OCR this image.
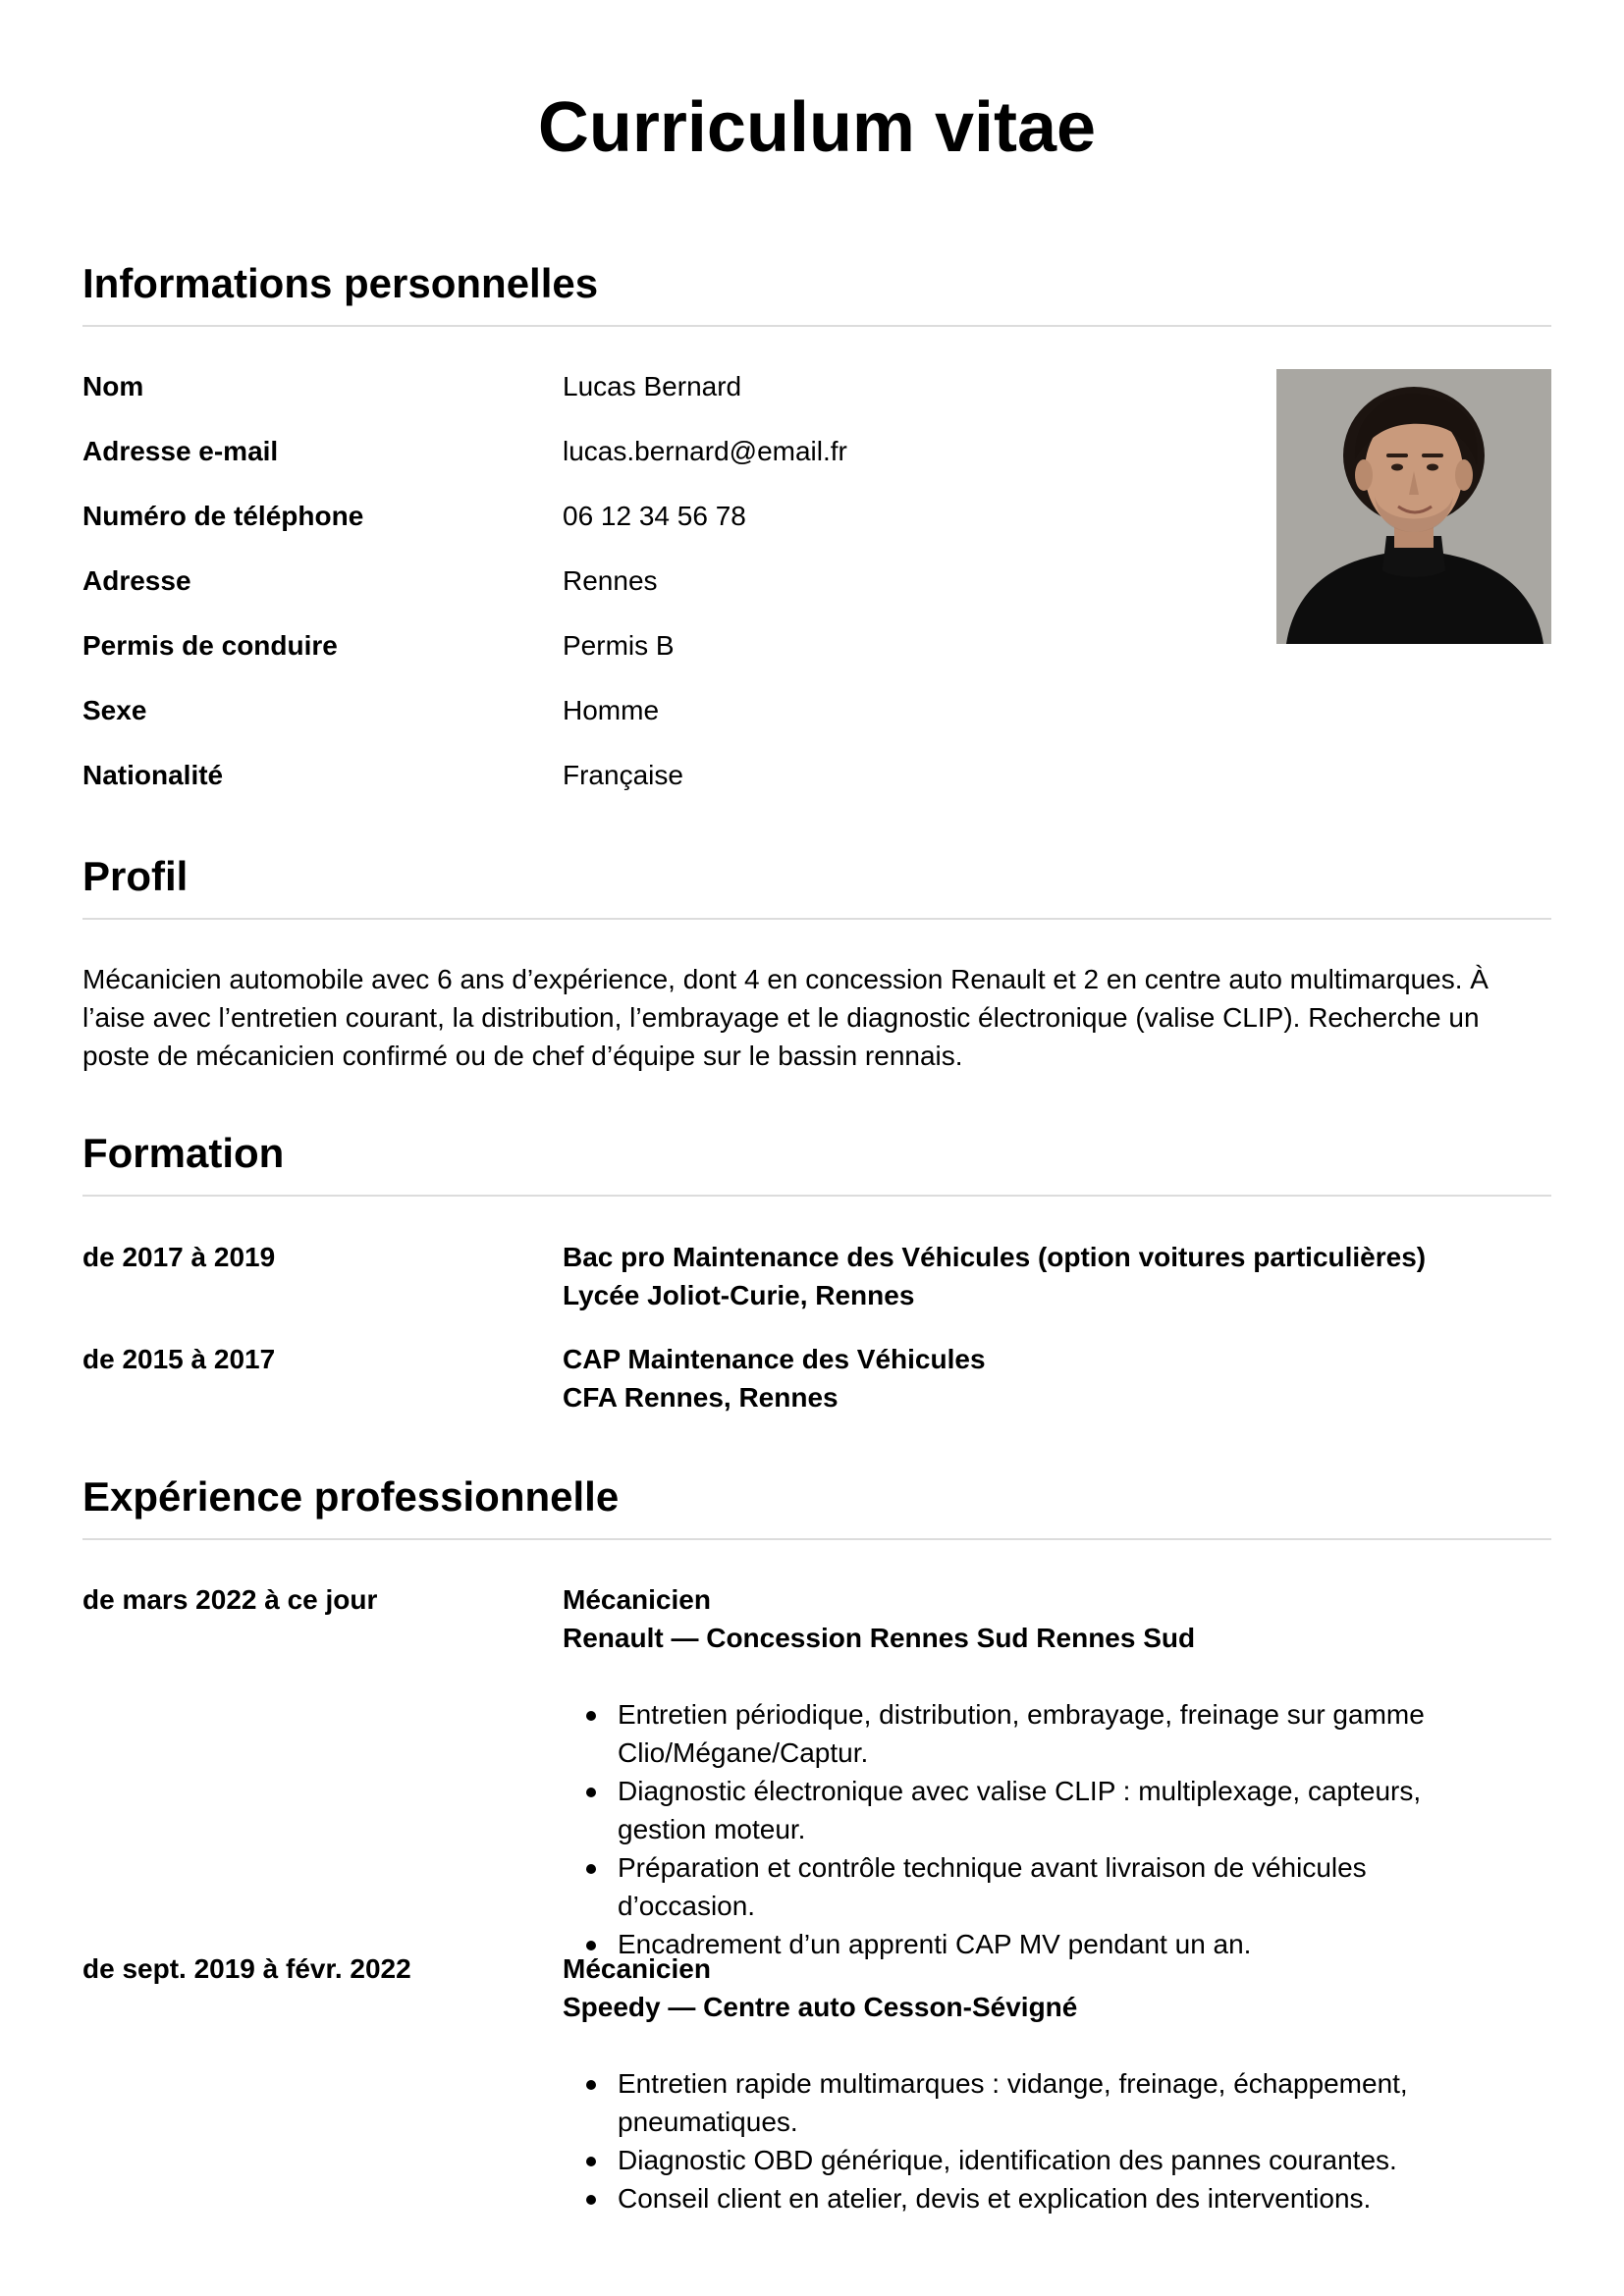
Curriculum vitae
Informations personnelles
Nom	Lucas Bernard
Adresse e-mail	lucas.bernard@email.fr
Numéro de téléphone	06 12 34 56 78
Adresse	Rennes
Permis de conduire	Permis B
Sexe	Homme
Nationalité	Française
Profil

Mécanicien automobile avec 6 ans d’expérience, dont 4 en concession Renault et 2 en centre auto multimarques. À l’aise avec l’entretien courant, la distribution, l’embrayage et le diagnostic électronique (valise CLIP). Recherche un poste de mécanicien confirmé ou de chef d’équipe sur le bassin rennais.

Formation
de 2017 à 2019	Bac pro Maintenance des Véhicules (option voitures particulières)
Lycée Joliot-Curie, Rennes
de 2015 à 2017	CAP Maintenance des Véhicules
CFA Rennes, Rennes
Expérience professionnelle
de mars 2022 à ce jour	Mécanicien
Renault — Concession Rennes Sud Rennes Sud
Entretien périodique, distribution, embrayage, freinage sur gamme Clio/Mégane/Captur.
Diagnostic électronique avec valise CLIP : multiplexage, capteurs, gestion moteur.
Préparation et contrôle technique avant livraison de véhicules d’occasion.
Encadrement d’un apprenti CAP MV pendant un an.
de sept. 2019 à févr. 2022	Mécanicien
Speedy — Centre auto Cesson-Sévigné
Entretien rapide multimarques : vidange, freinage, échappement, pneumatiques.
Diagnostic OBD générique, identification des pannes courantes.
Conseil client en atelier, devis et explication des interventions.
